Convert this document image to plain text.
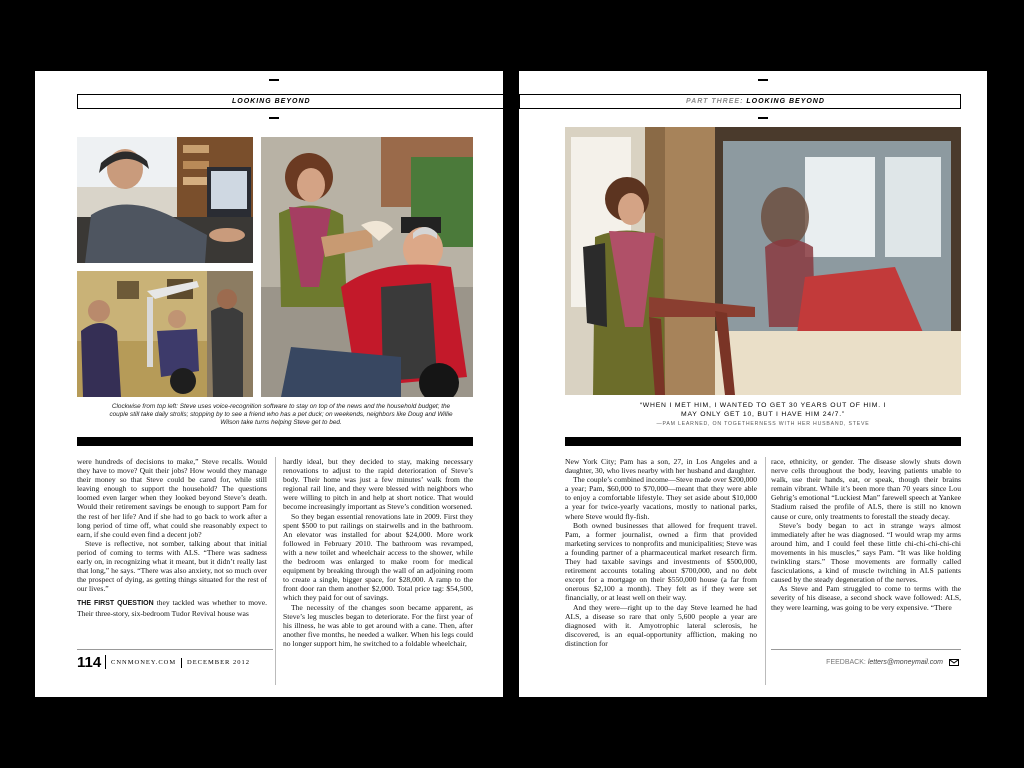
LOOKING BEYOND
Clockwise from top left: Steve uses voice-recognition software to stay on top of the news and the household budget; the couple still take daily strolls; stopping by to see a friend who has a pet duck; on weekends, neighbors like Doug and Willie Wilson take turns helping Steve get to bed.

were hundreds of decisions to make,” Steve recalls. Would they have to move? Quit their jobs? How would they manage their money so that Steve could be cared for, while still leaving enough to support the household? The questions loomed even larger when they looked beyond Steve’s death. Would their retirement savings be enough to support Pam for the rest of her life? And if she had to go back to work after a long period of time off, what could she reasonably expect to earn, if she could even find a decent job?

Steve is reflective, not somber, talking about that initial period of coming to terms with ALS. “There was sadness early on, in recognizing what it meant, but it didn’t really last that long,” he says. “There was also anxiety, not so much over the prospect of dying, as getting things situated for the rest of our lives.”

THE FIRST QUESTION they tackled was whether to move. Their three-story, six-bedroom Tudor Revival house was

hardly ideal, but they decided to stay, making necessary renovations to adjust to the rapid deterioration of Steve’s body. Their home was just a few minutes’ walk from the regional rail line, and they were blessed with neighbors who were willing to pitch in and help at short notice. That would become increasingly important as Steve’s condition worsened.

So they began essential renovations late in 2009. First they spent $500 to put railings on stairwells and in the bathroom. An elevator was installed for about $24,000. More work followed in February 2010. The bathroom was revamped, with a new toilet and wheelchair access to the shower, while the bedroom was enlarged to make room for medical equipment by breaking through the wall of an adjoining room to create a single, bigger space, for $28,000. A ramp to the front door ran them another $2,000. Total price tag: $54,500, which they paid for out of savings.

The necessity of the changes soon became apparent, as Steve’s leg muscles began to deteriorate. For the first year of his illness, he was able to get around with a cane. Then, after another five months, he needed a walker. When his legs could no longer support him, he switched to a foldable wheelchair,

114 CNNMONEY.COM DECEMBER 2012
PART THREE: LOOKING BEYOND
“WHEN I MET HIM, I WANTED TO GET 30 YEARS OUT OF HIM. I MAY ONLY GET 10, BUT I HAVE HIM 24/7.”
—PAM LEARNED, ON TOGETHERNESS WITH HER HUSBAND, STEVE

New York City; Pam has a son, 27, in Los Angeles and a daughter, 30, who lives nearby with her husband and daughter.

The couple’s combined income—Steve made over $200,000 a year; Pam, $60,000 to $70,000—meant that they were able to enjoy a comfortable lifestyle. They set aside about $10,000 a year for twice-yearly vacations, mostly to national parks, where Steve would fly-fish.

Both owned businesses that allowed for frequent travel. Pam, a former journalist, owned a firm that provided marketing services to nonprofits and municipalities; Steve was a founding partner of a pharmaceutical market research firm. They had taxable savings and investments of $500,000, retirement accounts totaling about $700,000, and no debt except for a mortgage on their $550,000 house (a far from onerous $2,100 a month). They felt as if they were set financially, or at least well on their way.

And they were—right up to the day Steve learned he had ALS, a disease so rare that only 5,600 people a year are diagnosed with it. Amyotrophic lateral sclerosis, he discovered, is an equal-opportunity affliction, making no distinction for

race, ethnicity, or gender. The disease slowly shuts down nerve cells throughout the body, leaving patients unable to walk, use their hands, eat, or speak, though their brains remain vibrant. While it’s been more than 70 years since Lou Gehrig’s emotional “Luckiest Man” farewell speech at Yankee Stadium raised the profile of ALS, there is still no known cause or cure, only treatments to forestall the steady decay.

Steve’s body began to act in strange ways almost immediately after he was diagnosed. “I would wrap my arms around him, and I could feel these little chi-chi-chi-chi-chi movements in his muscles,” says Pam. “It was like holding twinkling stars.” Those movements are formally called fasciculations, a kind of muscle twitching in ALS patients caused by the steady degeneration of the nerves.

As Steve and Pam struggled to come to terms with the severity of his disease, a second shock wave followed: ALS, they were learning, was going to be very expensive. “There

FEEDBACK: letters@moneymail.com
